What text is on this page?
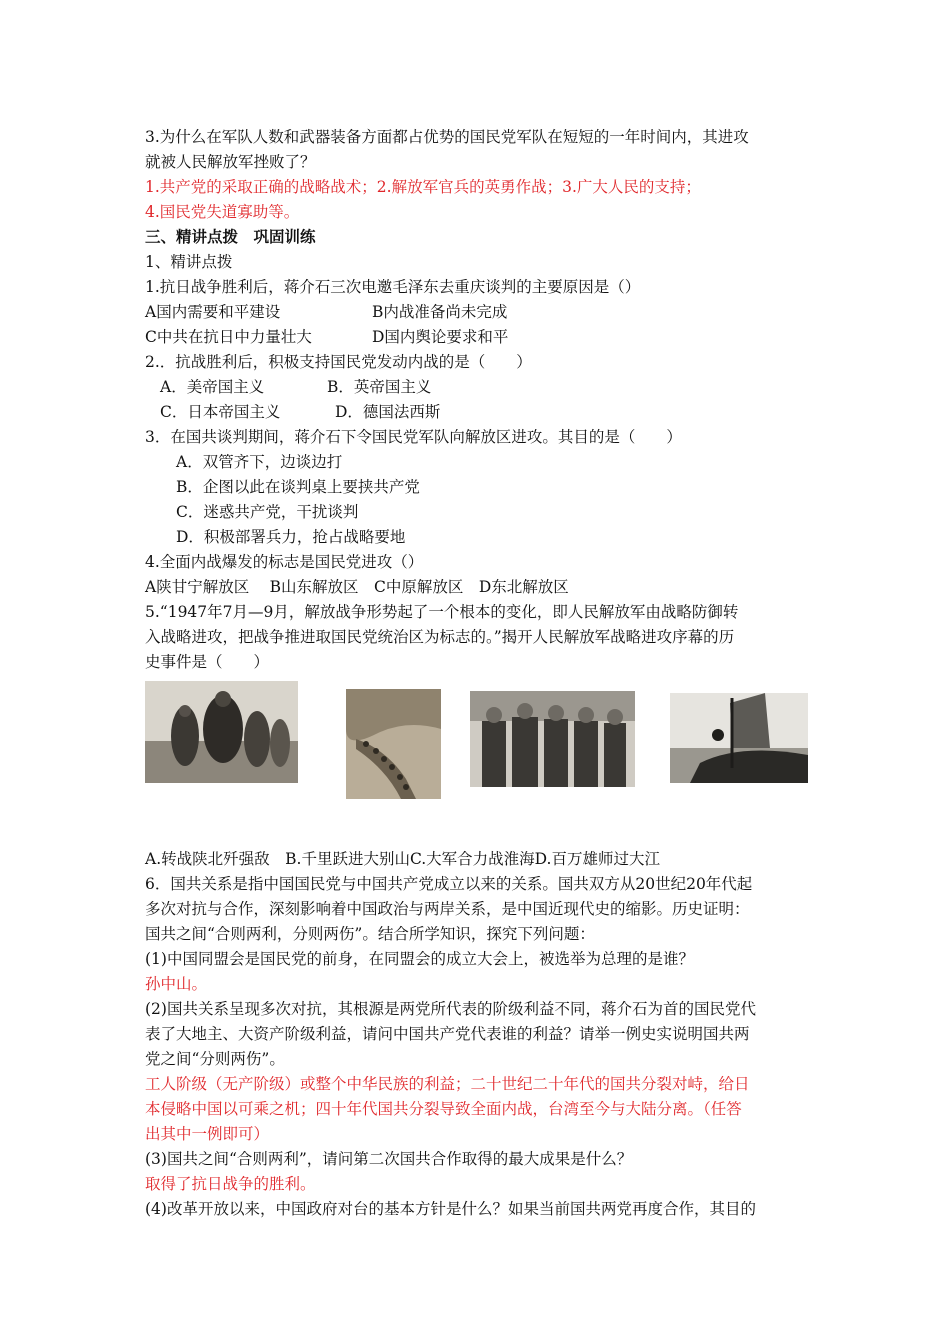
3.为什么在军队人数和武器装备方面都占优势的国民党军队在短短的一年时间内，其进攻
就被人民解放军挫败了？
1.共产党的采取正确的战略战术；2.解放军官兵的英勇作战；3.广大人民的支持；
4.国民党失道寡助等。
三、精讲点拨　巩固训练
1、精讲点拨
1.抗日战争胜利后，蒋介石三次电邀毛泽东去重庆谈判的主要原因是（）
A国内需要和平建设	B内战准备尚未完成
C中共在抗日中力量壮大	D国内舆论要求和平
2.．抗战胜利后，积极支持国民党发动内战的是（　　）
A．美帝国主义	B．英帝国主义
C．日本帝国主义	D．德国法西斯
3．在国共谈判期间，蒋介石下令国民党军队向解放区进攻。其目的是（　　）
A．双管齐下，边谈边打
B．企图以此在谈判桌上要挟共产党
C．迷惑共产党，干扰谈判
D．积极部署兵力，抢占战略要地
4.全面内战爆发的标志是国民党进攻（）
A陕甘宁解放区　 B山东解放区　C中原解放区　D东北解放区
5.“1947年7月—9月，解放战争形势起了一个根本的变化，即人民解放军由战略防御转
入战略进攻，把战争推进取国民党统治区为标志的。”揭开人民解放军战略进攻序幕的历
史事件是（　　）
A.转战陕北歼强敌　B.千里跃进大别山C.大军合力战淮海D.百万雄师过大江
6．国共关系是指中国国民党与中国共产党成立以来的关系。国共双方从20世纪20年代起
多次对抗与合作，深刻影响着中国政治与两岸关系，是中国近现代史的缩影。历史证明：
国共之间“合则两利，分则两伤”。结合所学知识，探究下列问题：
(1)中国同盟会是国民党的前身，在同盟会的成立大会上，被选举为总理的是谁？
孙中山。
(2)国共关系呈现多次对抗，其根源是两党所代表的阶级利益不同，蒋介石为首的国民党代
表了大地主、大资产阶级利益，请问中国共产党代表谁的利益？请举一例史实说明国共两
党之间“分则两伤”。
工人阶级（无产阶级）或整个中华民族的利益；二十世纪二十年代的国共分裂对峙，给日
本侵略中国以可乘之机；四十年代国共分裂导致全面内战，台湾至今与大陆分离。（任答
出其中一例即可）
(3)国共之间“合则两利”，请问第二次国共合作取得的最大成果是什么？
取得了抗日战争的胜利。
(4)改革开放以来，中国政府对台的基本方针是什么？如果当前国共两党再度合作，其目的
